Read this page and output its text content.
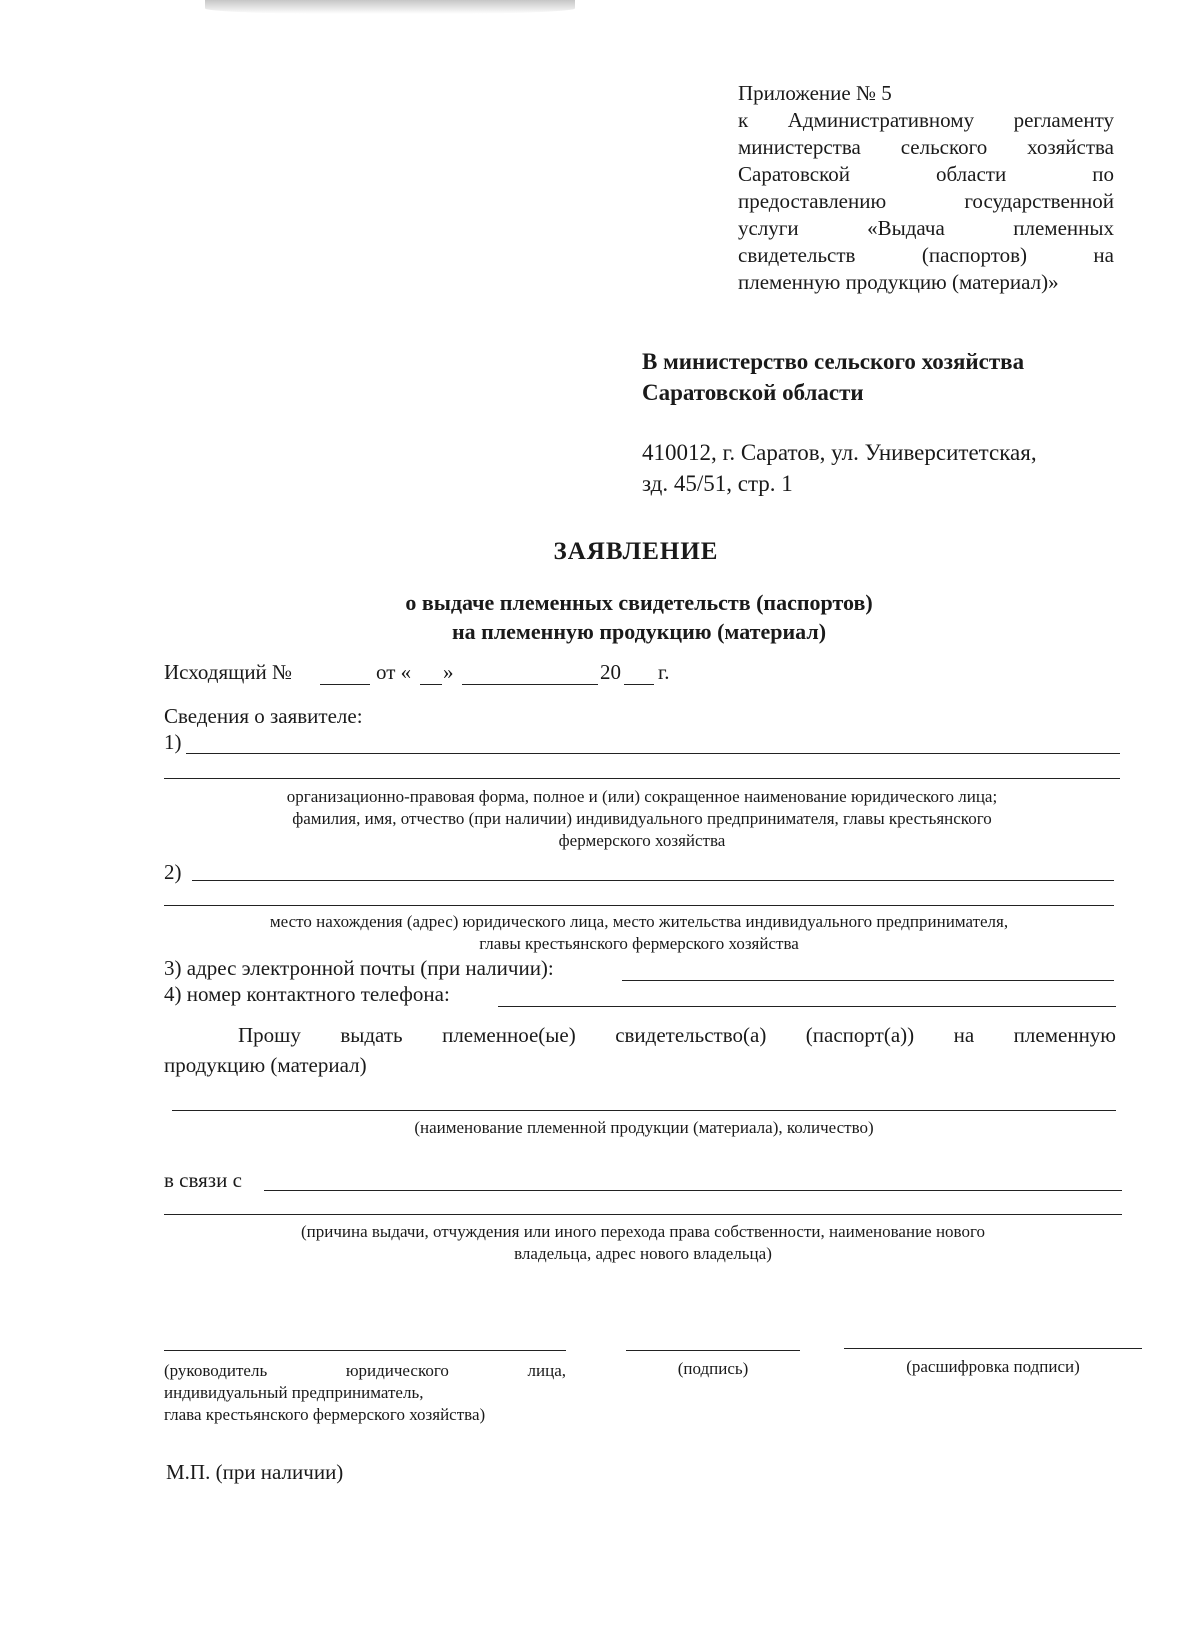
Приложение № 5
к Административному регламенту
министерства сельского хозяйства
Саратовской области по
предоставлению государственной
услуги «Выдача племенных
свидетельств (паспортов) на
племенную продукцию (материал)»
В министерство сельского хозяйства
Саратовской области
410012, г. Саратов, ул. Университетская,
зд. 45/51, стр. 1
ЗАЯВЛЕНИЕ
о выдаче племенных свидетельств (паспортов)
на племенную продукцию (материал)
Исходящий №	от « »	20 г.
Сведения о заявителе:
1)
организационно-правовая форма, полное и (или) сокращенное наименование юридического лица;
фамилия, имя, отчество (при наличии) индивидуального предпринимателя, главы крестьянского
фермерского хозяйства
2)
место нахождения (адрес) юридического лица, место жительства индивидуального предпринимателя,
главы крестьянского фермерского хозяйства
3) адрес электронной почты (при наличии):
4) номер контактного телефона:
Прошу выдать племенное(ые) свидетельство(а) (паспорт(а)) на племенную
продукцию (материал)
(наименование племенной продукции (материала), количество)
в связи с
(причина выдачи, отчуждения или иного перехода права собственности, наименование нового
владельца, адрес нового владельца)
(руководитель юридического лица,
индивидуальный предприниматель,
глава крестьянского фермерского хозяйства)
(подпись)	(расшифровка подписи)
М.П. (при наличии)
